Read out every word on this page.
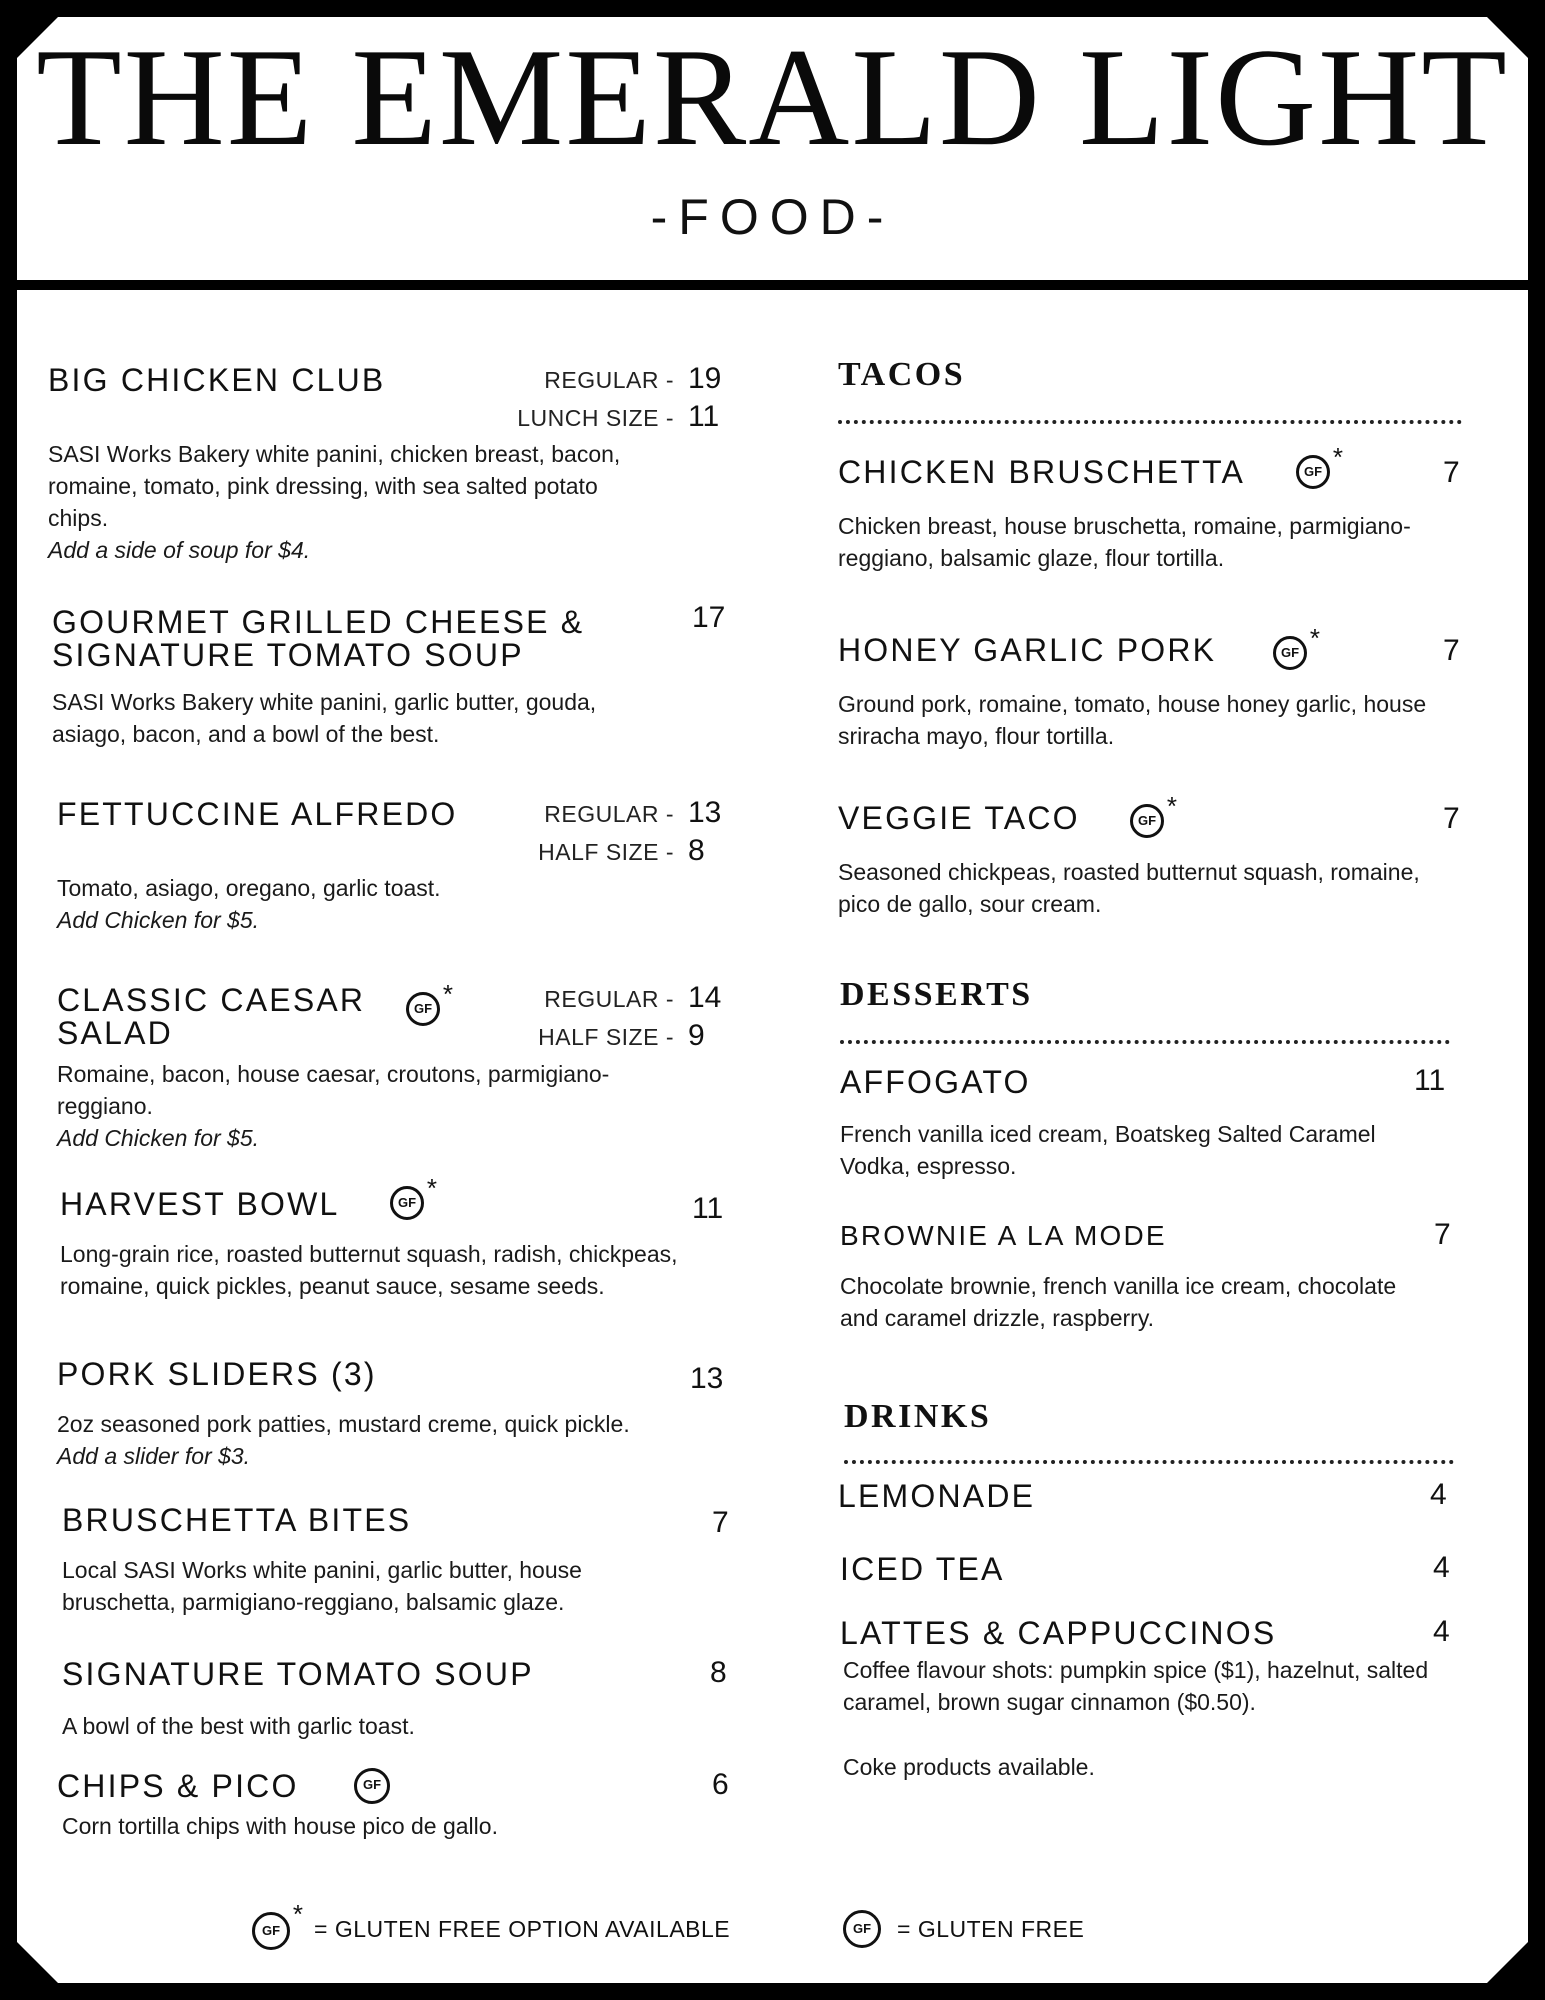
THE EMERALD LIGHT
-FOOD-
BIG CHICKEN CLUB	REGULAR - 19
LUNCH SIZE - 11
SASI Works Bakery white panini, chicken breast, bacon, romaine, tomato, pink dressing, with sea salted potato chips.
Add a side of soup for $4.
GOURMET GRILLED CHEESE & SIGNATURE TOMATO SOUP
17
SASI Works Bakery white panini, garlic butter, gouda, asiago, bacon, and a bowl of the best.
FETTUCCINE ALFREDO	REGULAR - 13
HALF SIZE - 8
Tomato, asiago, oregano, garlic toast.
Add Chicken for $5.
CLASSIC CAESAR SALAD
GF *	REGULAR - 14
HALF SIZE - 9
Romaine, bacon, house caesar, croutons, parmigiano-reggiano.
Add Chicken for $5.
HARVEST BOWL	GF *
11
Long-grain rice, roasted butternut squash, radish, chickpeas, romaine, quick pickles, peanut sauce, sesame seeds.
PORK SLIDERS (3)	13
2oz seasoned pork patties, mustard creme, quick pickle. Add a slider for $3.
BRUSCHETTA BITES	7
Local SASI Works white panini, garlic butter, house bruschetta, parmigiano-reggiano, balsamic glaze.
SIGNATURE TOMATO SOUP	8
A bowl of the best with garlic toast.
CHIPS & PICO	GF	6
Corn tortilla chips with house pico de gallo.
TACOS
CHICKEN BRUSCHETTA	GF *	7
Chicken breast, house bruschetta, romaine, parmigiano-reggiano, balsamic glaze, flour tortilla.
HONEY GARLIC PORK	GF *	7
Ground pork, romaine, tomato, house honey garlic, house sriracha mayo, flour tortilla.
VEGGIE TACO	GF *	7
Seasoned chickpeas, roasted butternut squash, romaine, pico de gallo, sour cream.
DESSERTS
AFFOGATO	11
French vanilla iced cream, Boatskeg Salted Caramel Vodka, espresso.
BROWNIE A LA MODE	7
Chocolate brownie, french vanilla ice cream, chocolate and caramel drizzle, raspberry.
DRINKS
LEMONADE	4
ICED TEA	4
LATTES & CAPPUCCINOS	4
Coffee flavour shots: pumpkin spice ($1), hazelnut, salted caramel, brown sugar cinnamon ($0.50).
Coke products available.
GF
* = GLUTEN FREE OPTION AVAILABLE	GF	= GLUTEN FREE
